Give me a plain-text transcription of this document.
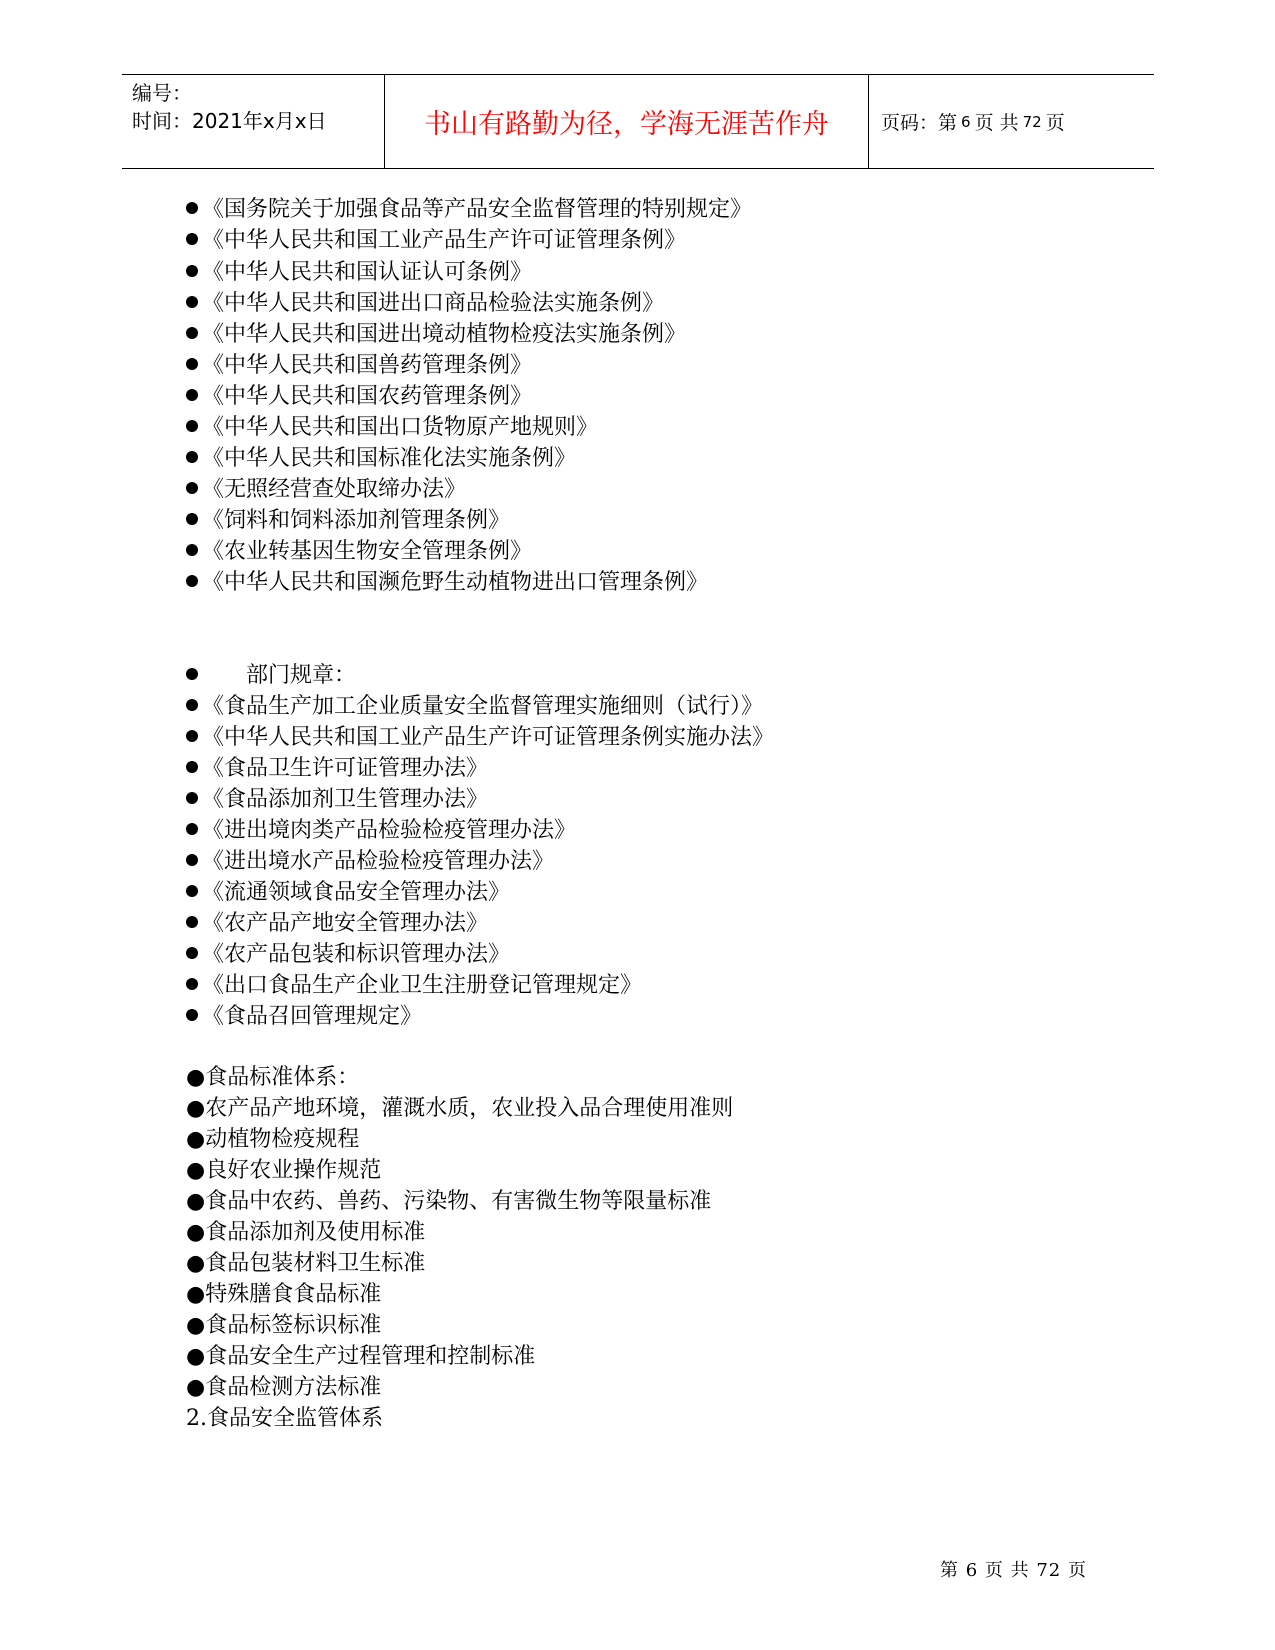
编号：
时间：2021年x月x日	书山有路勤为径，学海无涯苦作舟	页码：第 6 页 共 72 页
《国务院关于加强食品等产品安全监督管理的特别规定》
《中华人民共和国工业产品生产许可证管理条例》
《中华人民共和国认证认可条例》
《中华人民共和国进出口商品检验法实施条例》
《中华人民共和国进出境动植物检疫法实施条例》
《中华人民共和国兽药管理条例》
《中华人民共和国农药管理条例》
《中华人民共和国出口货物原产地规则》
《中华人民共和国标准化法实施条例》
《无照经营查处取缔办法》
《饲料和饲料添加剂管理条例》
《农业转基因生物安全管理条例》
《中华人民共和国濒危野生动植物进出口管理条例》
部门规章：
《食品生产加工企业质量安全监督管理实施细则（试行）》
《中华人民共和国工业产品生产许可证管理条例实施办法》
《食品卫生许可证管理办法》
《食品添加剂卫生管理办法》
《进出境肉类产品检验检疫管理办法》
《进出境水产品检验检疫管理办法》
《流通领域食品安全管理办法》
《农产品产地安全管理办法》
《农产品包装和标识管理办法》
《出口食品生产企业卫生注册登记管理规定》
《食品召回管理规定》
●食品标准体系：
●农产品产地环境，灌溉水质，农业投入品合理使用准则
●动植物检疫规程
●良好农业操作规范
●食品中农药、兽药、污染物、有害微生物等限量标准
●食品添加剂及使用标准
●食品包装材料卫生标准
●特殊膳食食品标准
●食品标签标识标准
●食品安全生产过程管理和控制标准
●食品检测方法标准
2.食品安全监管体系
第 6 页 共 72 页
